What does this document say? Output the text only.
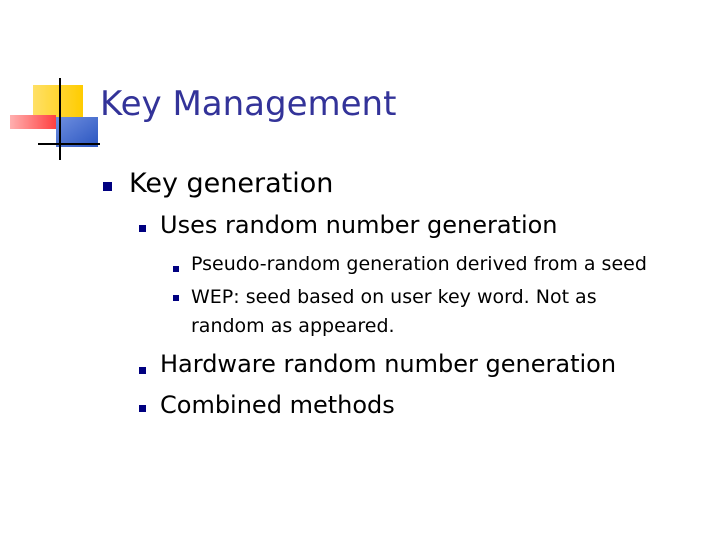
Key Management
Key generation
Uses random number generation
Pseudo-random generation derived from a seed
WEP: seed based on user key word. Not as
random as appeared.
Hardware random number generation
Combined methods
